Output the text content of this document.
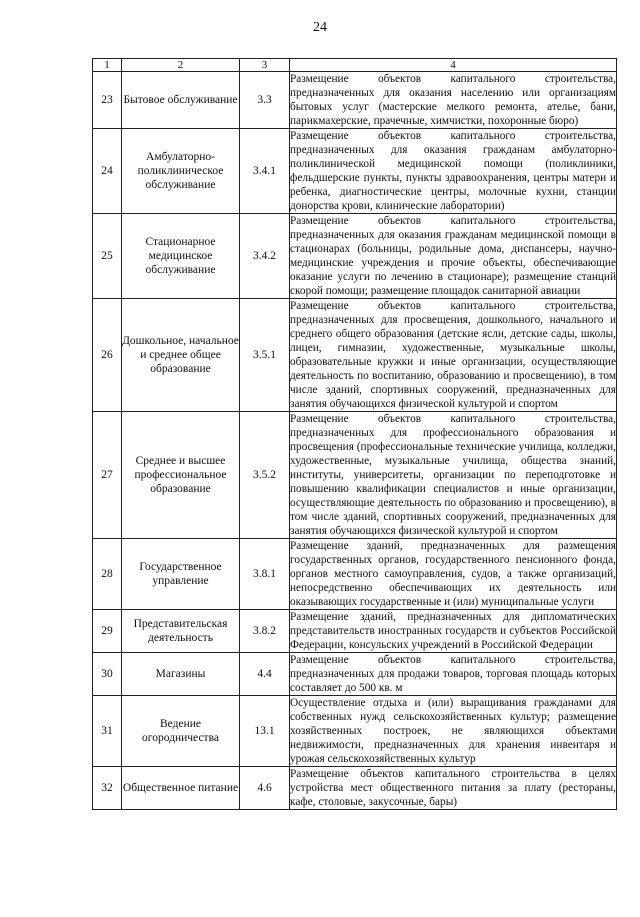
24
1	2	3	4
23	Бытовое обслуживание	3.3	Размещение объектов капитального строительства, предназначенных для оказания населению или организациям бытовых услуг (мастерские мелкого ремонта, ателье, бани, парикмахерские, прачечные, химчистки, похоронные бюро)
24	Амбулаторно-поликлиническое обслуживание	3.4.1	Размещение объектов капитального строительства, предназначенных для оказания гражданам амбулаторно-поликлинической медицинской помощи (поликлиники, фельдшерские пункты, пункты здравоохранения, центры матери и ребенка, диагностические центры, молочные кухни, станции донорства крови, клинические лаборатории)
25	Стационарное медицинское обслуживание	3.4.2	Размещение объектов капитального строительства, предназначенных для оказания гражданам медицинской помощи в стационарах (больницы, родильные дома, диспансеры, научно-медицинские учреждения и прочие объекты, обеспечивающие оказание услуги по лечению в стационаре); размещение станций скорой помощи; размещение площадок санитарной авиации
26	Дошкольное, начальное и среднее общее образование	3.5.1	Размещение объектов капитального строительства, предназначенных для просвещения, дошкольного, начального и среднего общего образования (детские ясли, детские сады, школы, лицеи, гимназии, художественные, музыкальные школы, образовательные кружки и иные организации, осуществляющие деятельность по воспитанию, образованию и просвещению), в том числе зданий, спортивных сооружений, предназначенных для занятия обучающихся физической культурой и спортом
27	Среднее и высшее профессиональное образование	3.5.2	Размещение объектов капитального строительства, предназначенных для профессионального образования и просвещения (профессиональные технические училища, колледжи, художественные, музыкальные училища, общества знаний, институты, университеты, организации по переподготовке и повышению квалификации специалистов и иные организации, осуществляющие деятельность по образованию и просвещению), в том числе зданий, спортивных сооружений, предназначенных для занятия обучающихся физической культурой и спортом
28	Государственное управление	3.8.1	Размещение зданий, предназначенных для размещения государственных органов, государственного пенсионного фонда, органов местного самоуправления, судов, а также организаций, непосредственно обеспечивающих их деятельность или оказывающих государственные и (или) муниципальные услуги
29	Представительская деятельность	3.8.2	Размещение зданий, предназначенных для дипломатических представительств иностранных государств и субъектов Российской Федерации, консульских учреждений в Российской Федерации
30	Магазины	4.4	Размещение объектов капитального строительства, предназначенных для продажи товаров, торговая площадь которых составляет до 500 кв. м
31	Ведение огородничества	13.1	Осуществление отдыха и (или) выращивания гражданами для собственных нужд сельскохозяйственных культур; размещение хозяйственных построек, не являющихся объектами недвижимости, предназначенных для хранения инвентаря и урожая сельскохозяйственных культур
32	Общественное питание	4.6	Размещение объектов капитального строительства в целях устройства мест общественного питания за плату (рестораны, кафе, столовые, закусочные, бары)
